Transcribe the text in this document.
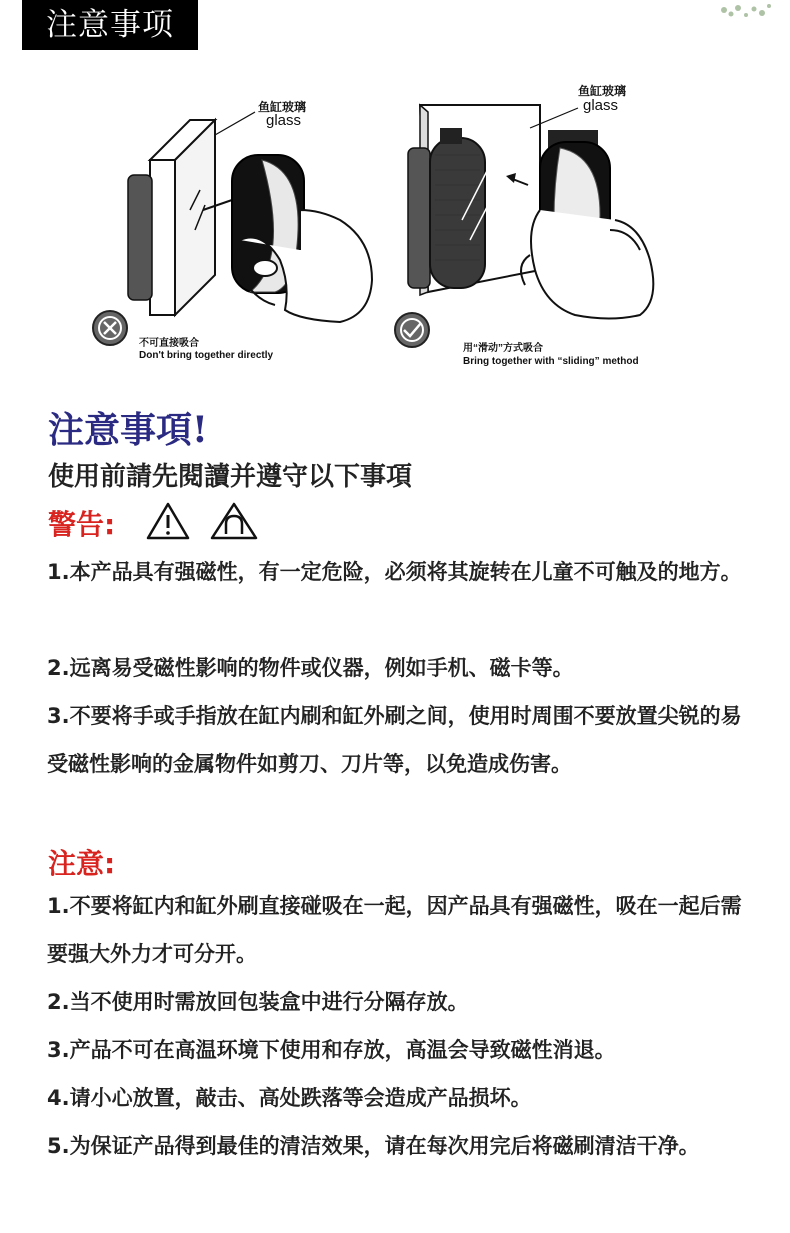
注意事项
鱼缸玻璃
glass
不可直接吸合
Don't bring together directly
鱼缸玻璃
glass
用“滑动”方式吸合
Bring together with “sliding” method
注意事項!
使用前請先閱讀并遵守以下事項
警告:
1.本产品具有强磁性，有一定危险，必须将其旋转在儿童不可触及的地方。
2.远离易受磁性影响的物件或仪器，例如手机、磁卡等。
3.不要将手或手指放在缸内刷和缸外刷之间，使用时周围不要放置尖锐的易受磁性影响的金属物件如剪刀、刀片等，以免造成伤害。
注意:
1.不要将缸内和缸外刷直接碰吸在一起，因产品具有强磁性，吸在一起后需要强大外力才可分开。
2.当不使用时需放回包装盒中进行分隔存放。
3.产品不可在高温环境下使用和存放，高温会导致磁性消退。
4.请小心放置，敲击、高处跌落等会造成产品损坏。
5.为保证产品得到最佳的清洁效果，请在每次用完后将磁刷清洁干净。
